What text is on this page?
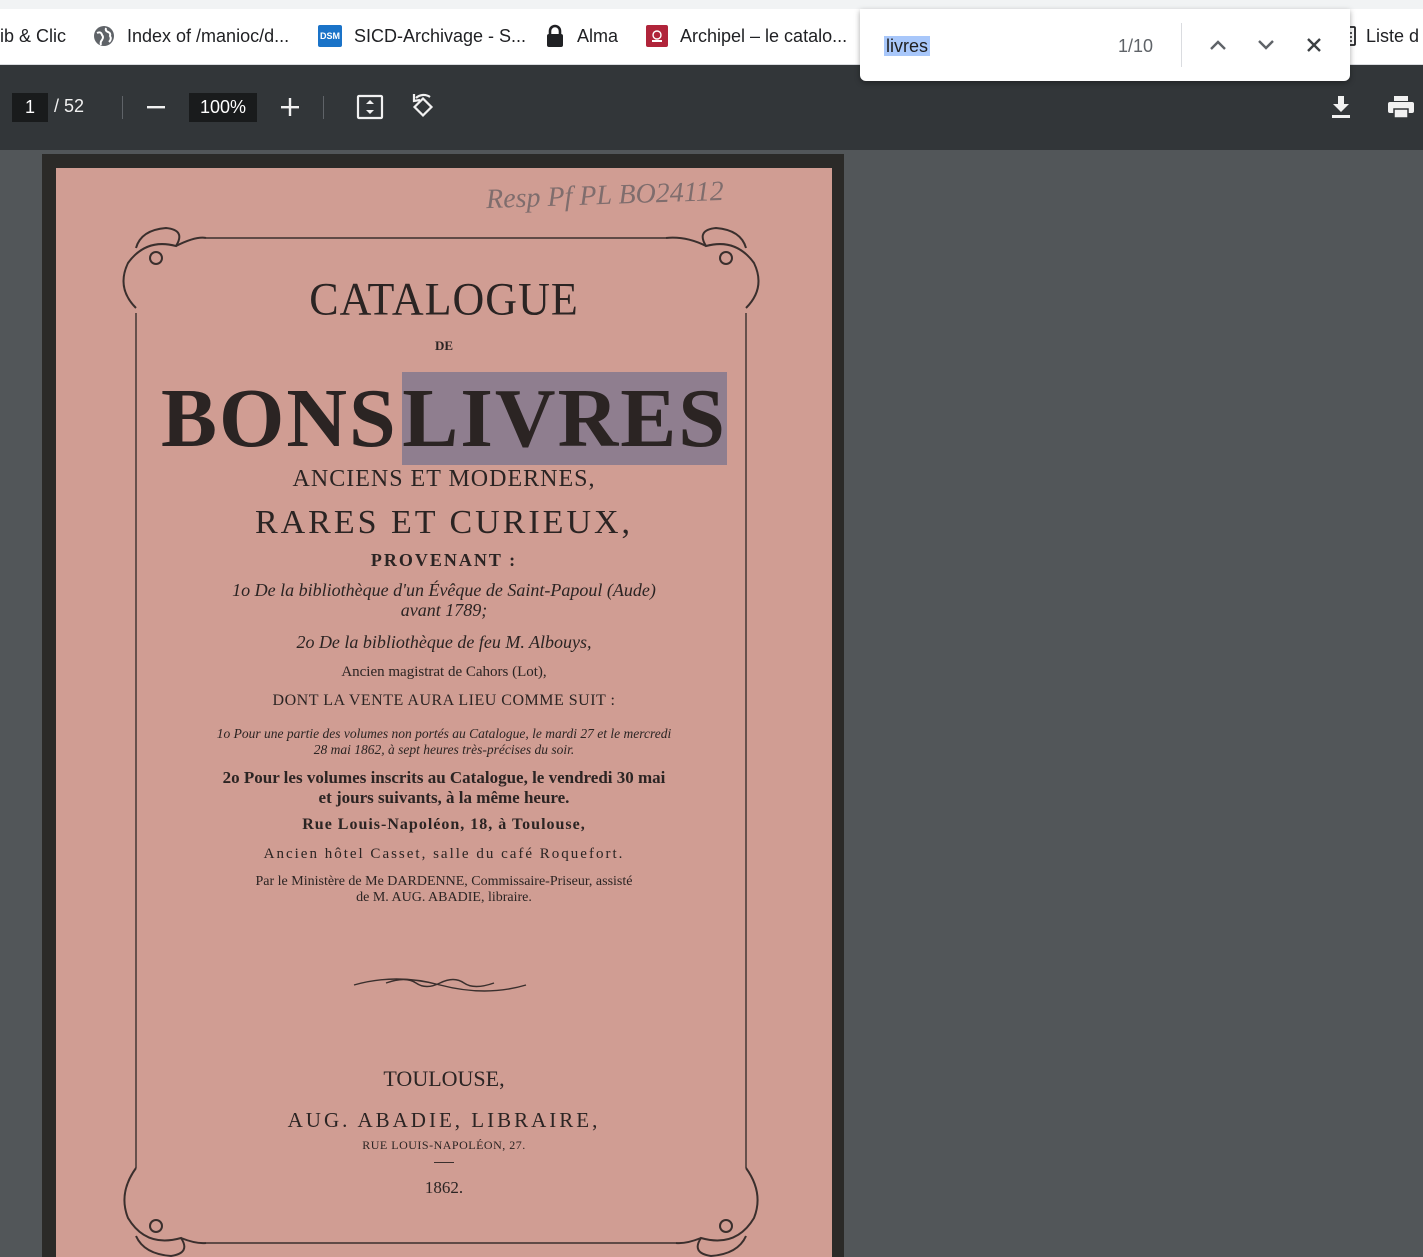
ib & Clic	Index of /manioc/d...	DSM SICD-Archivage - S...	Alma	Archipel – le catalo...	Liste d
1
/ 52	100%
livres	1/10
Resp Pf PL BO24112
CATALOGUE
DE
BONS LIVRES
ANCIENS ET MODERNES,
RARES ET CURIEUX,
PROVENANT :
1o De la bibliothèque d'un Évêque de Saint-Papoul (Aude)
avant 1789;
2o De la bibliothèque de feu M. Albouys,
Ancien magistrat de Cahors (Lot),
DONT LA VENTE AURA LIEU COMME SUIT :
1o Pour une partie des volumes non portés au Catalogue, le mardi 27 et le mercredi
28 mai 1862, à sept heures très-précises du soir.
2o Pour les volumes inscrits au Catalogue, le vendredi 30 mai
et jours suivants, à la même heure.
Rue Louis-Napoléon, 18, à Toulouse,
Ancien hôtel Casset, salle du café Roquefort.
Par le Ministère de Me DARDENNE, Commissaire-Priseur, assisté
de M. AUG. ABADIE, libraire.
TOULOUSE,
AUG. ABADIE, LIBRAIRE,
RUE LOUIS-NAPOLÉON, 27.
1862.
